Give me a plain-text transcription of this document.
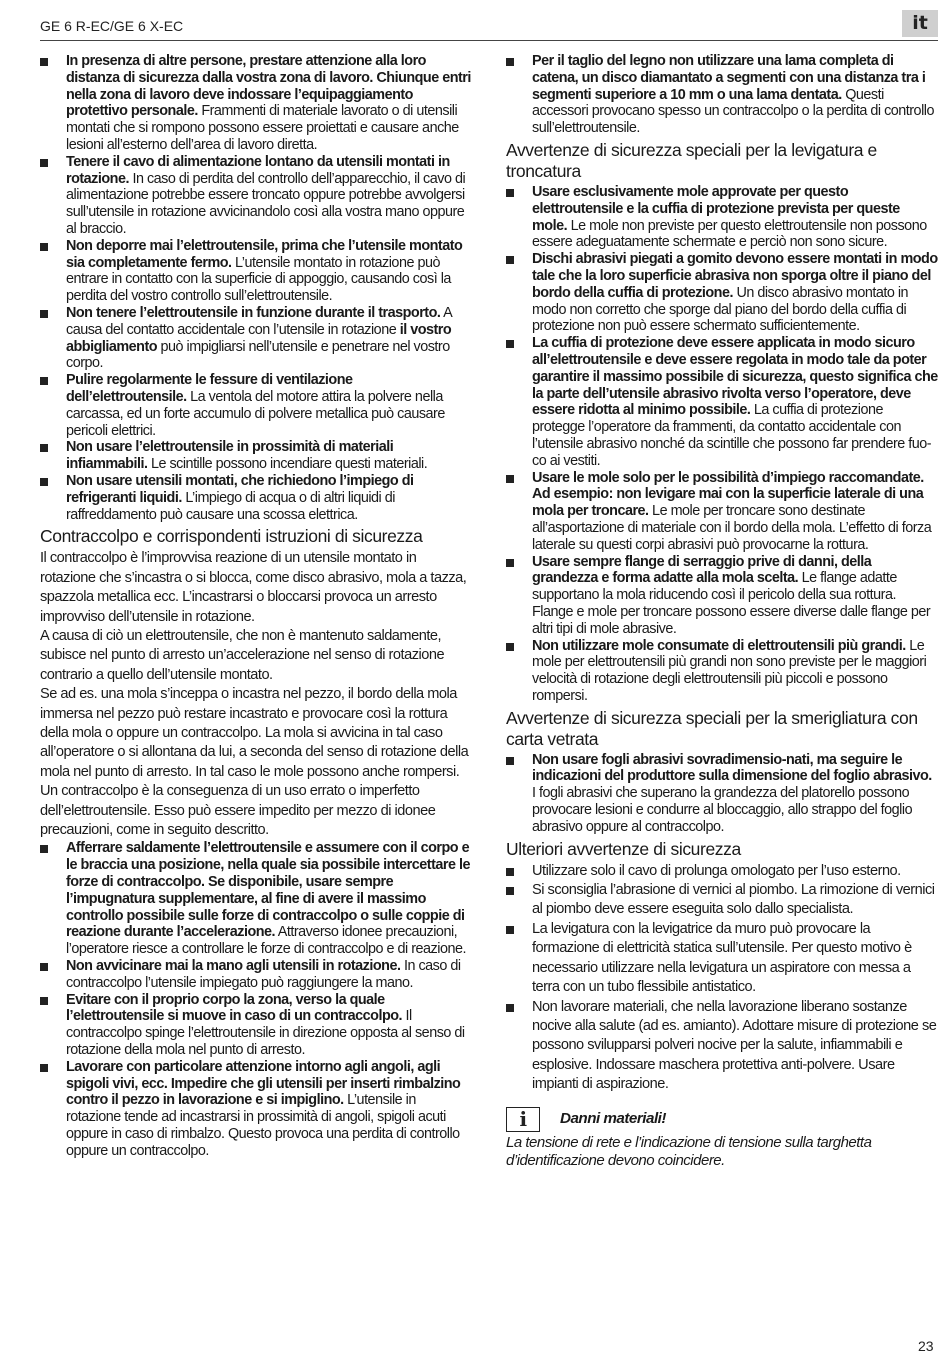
GE 6 R-EC/GE 6 X-EC	it
In presenza di altre persone, prestare attenzione alla loro distanza di sicurezza dalla vostra zona di lavoro. Chiunque entri nella zona di lavoro deve indossare l’equipaggiamento protettivo personale. Frammenti di materiale lavorato o di utensili montati che si rompono possono essere proiettati e causare anche lesioni all’esterno dell’area di lavoro diretta.
Tenere il cavo di alimentazione lontano da utensili montati in rotazione. In caso di perdita del controllo dell’apparecchio, il cavo di alimentazione potrebbe essere troncato oppure potrebbe avvolgersi sull’utensile in rotazione avvicinandolo così alla vostra mano oppure al braccio.
Non deporre mai l’elettroutensile, prima che l’utensile montato sia completamente fermo. L’utensile montato in rotazione può entrare in contatto con la superficie di appoggio, causando così la perdita del vostro controllo sull’elettroutensile.
Non tenere l’elettroutensile in funzione durante il trasporto. A causa del contatto accidentale con l’utensile in rotazione il vostro abbigliamento può impigliarsi nell’utensile e penetrare nel vostro corpo.
Pulire regolarmente le fessure di ventilazione dell’elettroutensile. La ventola del motore attira la polvere nella carcassa, ed un forte accumulo di polvere metallica può causare pericoli elettrici.
Non usare l’elettroutensile in prossimità di materiali infiammabili. Le scintille possono incendiare questi materiali.
Non usare utensili montati, che richiedono l’impiego di refrigeranti liquidi. L’impiego di acqua o di altri liquidi di raffreddamento può causare una scossa elettrica.
Contraccolpo e corrispondenti istruzioni di sicurezza

Il contraccolpo è l’improvvisa reazione di un utensile montato in rotazione che s’incastra o si blocca, come disco abrasivo, mola a tazza, spazzola metallica ecc. L’incastrarsi o bloccarsi provoca un arresto improvviso dell’utensile in rotazione.

A causa di ciò un elettroutensile, che non è mantenuto saldamente, subisce nel punto di arresto un’accelerazione nel senso di rotazione contrario a quello dell’utensile montato.

Se ad es. una mola s’inceppa o incastra nel pezzo, il bordo della mola immersa nel pezzo può restare incastrato e provocare così la rottura della mola o oppure un contraccolpo. La mola si avvicina in tal caso all’operatore o si allontana da lui, a seconda del senso di rotazione della mola nel punto di arresto. In tal caso le mole possono anche rompersi.

Un contraccolpo è la conseguenza di un uso errato o imperfetto dell’elettroutensile. Esso può essere impedito per mezzo di idonee precauzioni, come in seguito descritto.

Afferrare saldamente l’elettroutensile e assumere con il corpo e le braccia una posizione, nella quale sia possibile intercettare le forze di contraccolpo. Se disponibile, usare sempre l’impugnatura supplementare, al fine di avere il massimo controllo possibile sulle forze di contraccolpo o sulle coppie di reazione durante l’accelerazione. Attraverso idonee precauzioni, l’operatore riesce a controllare le forze di contraccolpo e di reazione.
Non avvicinare mai la mano agli utensili in rotazione. In caso di contraccolpo l’utensile impiegato può raggiungere la mano.
Evitare con il proprio corpo la zona, verso la quale l’elettroutensile si muove in caso di un contraccolpo. Il contraccolpo spinge l’elettroutensile in direzione opposta al senso di rotazione della mola nel punto di arresto.
Lavorare con particolare attenzione intorno agli angoli, agli spigoli vivi, ecc. Impedire che gli utensili per inserti rimbalzino contro il pezzo in lavorazione e si impiglino. L’utensile in rotazione tende ad incastrarsi in prossimità di angoli, spigoli acuti oppure in caso di rimbalzo. Questo provoca una perdita di controllo oppure un contraccolpo.
Per il taglio del legno non utilizzare una lama completa di catena, un disco diamantato a segmenti con una distanza tra i segmenti superiore a 10 mm o una lama dentata. Questi accessori provocano spesso un contraccolpo o la perdita di controllo sull’elettroutensile.
Avvertenze di sicurezza speciali per la levigatura e troncatura
Usare esclusivamente mole approvate per questo elettroutensile e la cuffia di protezione prevista per queste mole. Le mole non previste per questo elettroutensile non possono essere adeguatamente schermate e perciò non sono sicure.
Dischi abrasivi piegati a gomito devono essere montati in modo tale che la loro superficie abrasiva non sporga oltre il piano del bordo della cuffia di protezione. Un disco abrasivo montato in modo non corretto che sporge dal piano del bordo della cuffia di protezione non può essere schermato sufficientemente.
La cuffia di protezione deve essere applicata in modo sicuro all’elettroutensile e deve essere regolata in modo tale da poter garantire il massimo possibile di sicurezza, questo significa che la parte dell’utensile abrasivo rivolta verso l’operatore, deve essere ridotta al minimo possibile. La cuffia di protezione protegge l’operatore da frammenti, da contatto accidentale con l’utensile abrasivo nonché da scintille che possono far prendere fuo-co ai vestiti.
Usare le mole solo per le possibilità d’impiego raccomandate. Ad esempio: non levigare mai con la superficie laterale di una mola per troncare. Le mole per troncare sono destinate all’asportazione di materiale con il bordo della mola. L’effetto di forza laterale su questi corpi abrasivi può provocarne la rottura.
Usare sempre flange di serraggio prive di danni, della grandezza e forma adatte alla mola scelta. Le flange adatte supportano la mola riducendo così il pericolo della sua rottura. Flange e mole per troncare possono essere diverse dalle flange per altri tipi di mole abrasive.
Non utilizzare mole consumate di elettroutensili più grandi. Le mole per elettroutensili più grandi non sono previste per le maggiori velocità di rotazione degli elettroutensili più piccoli e possono rompersi.
Avvertenze di sicurezza speciali per la smerigliatura con carta vetrata
Non usare fogli abrasivi sovradimensio-nati, ma seguire le indicazioni del produttore sulla dimensione del foglio abrasivo. I fogli abrasivi che superano la grandezza del platorello possono provocare lesioni e condurre al bloccaggio, allo strappo del foglio abrasivo oppure al contraccolpo.
Ulteriori avvertenze di sicurezza
Utilizzare solo il cavo di prolunga omologato per l’uso esterno.
Si sconsiglia l’abrasione di vernici al piombo. La rimozione di vernici al piombo deve essere eseguita solo dallo specialista.
La levigatura con la levigatrice da muro può provocare la formazione di elettricità statica sull’utensile. Per questo motivo è necessario utilizzare nella levigatura un aspiratore con messa a terra con un tubo flessibile antistatico.
Non lavorare materiali, che nella lavorazione liberano sostanze nocive alla salute (ad es. amianto). Adottare misure di protezione se possono svilupparsi polveri nocive per la salute, infiammabili e esplosive. Indossare maschera protettiva anti-polvere. Usare impianti di aspirazione.
i	Danni materiali!
La tensione di rete e l’indicazione di tensione sulla targhetta d’identificazione devono coincidere.
23
